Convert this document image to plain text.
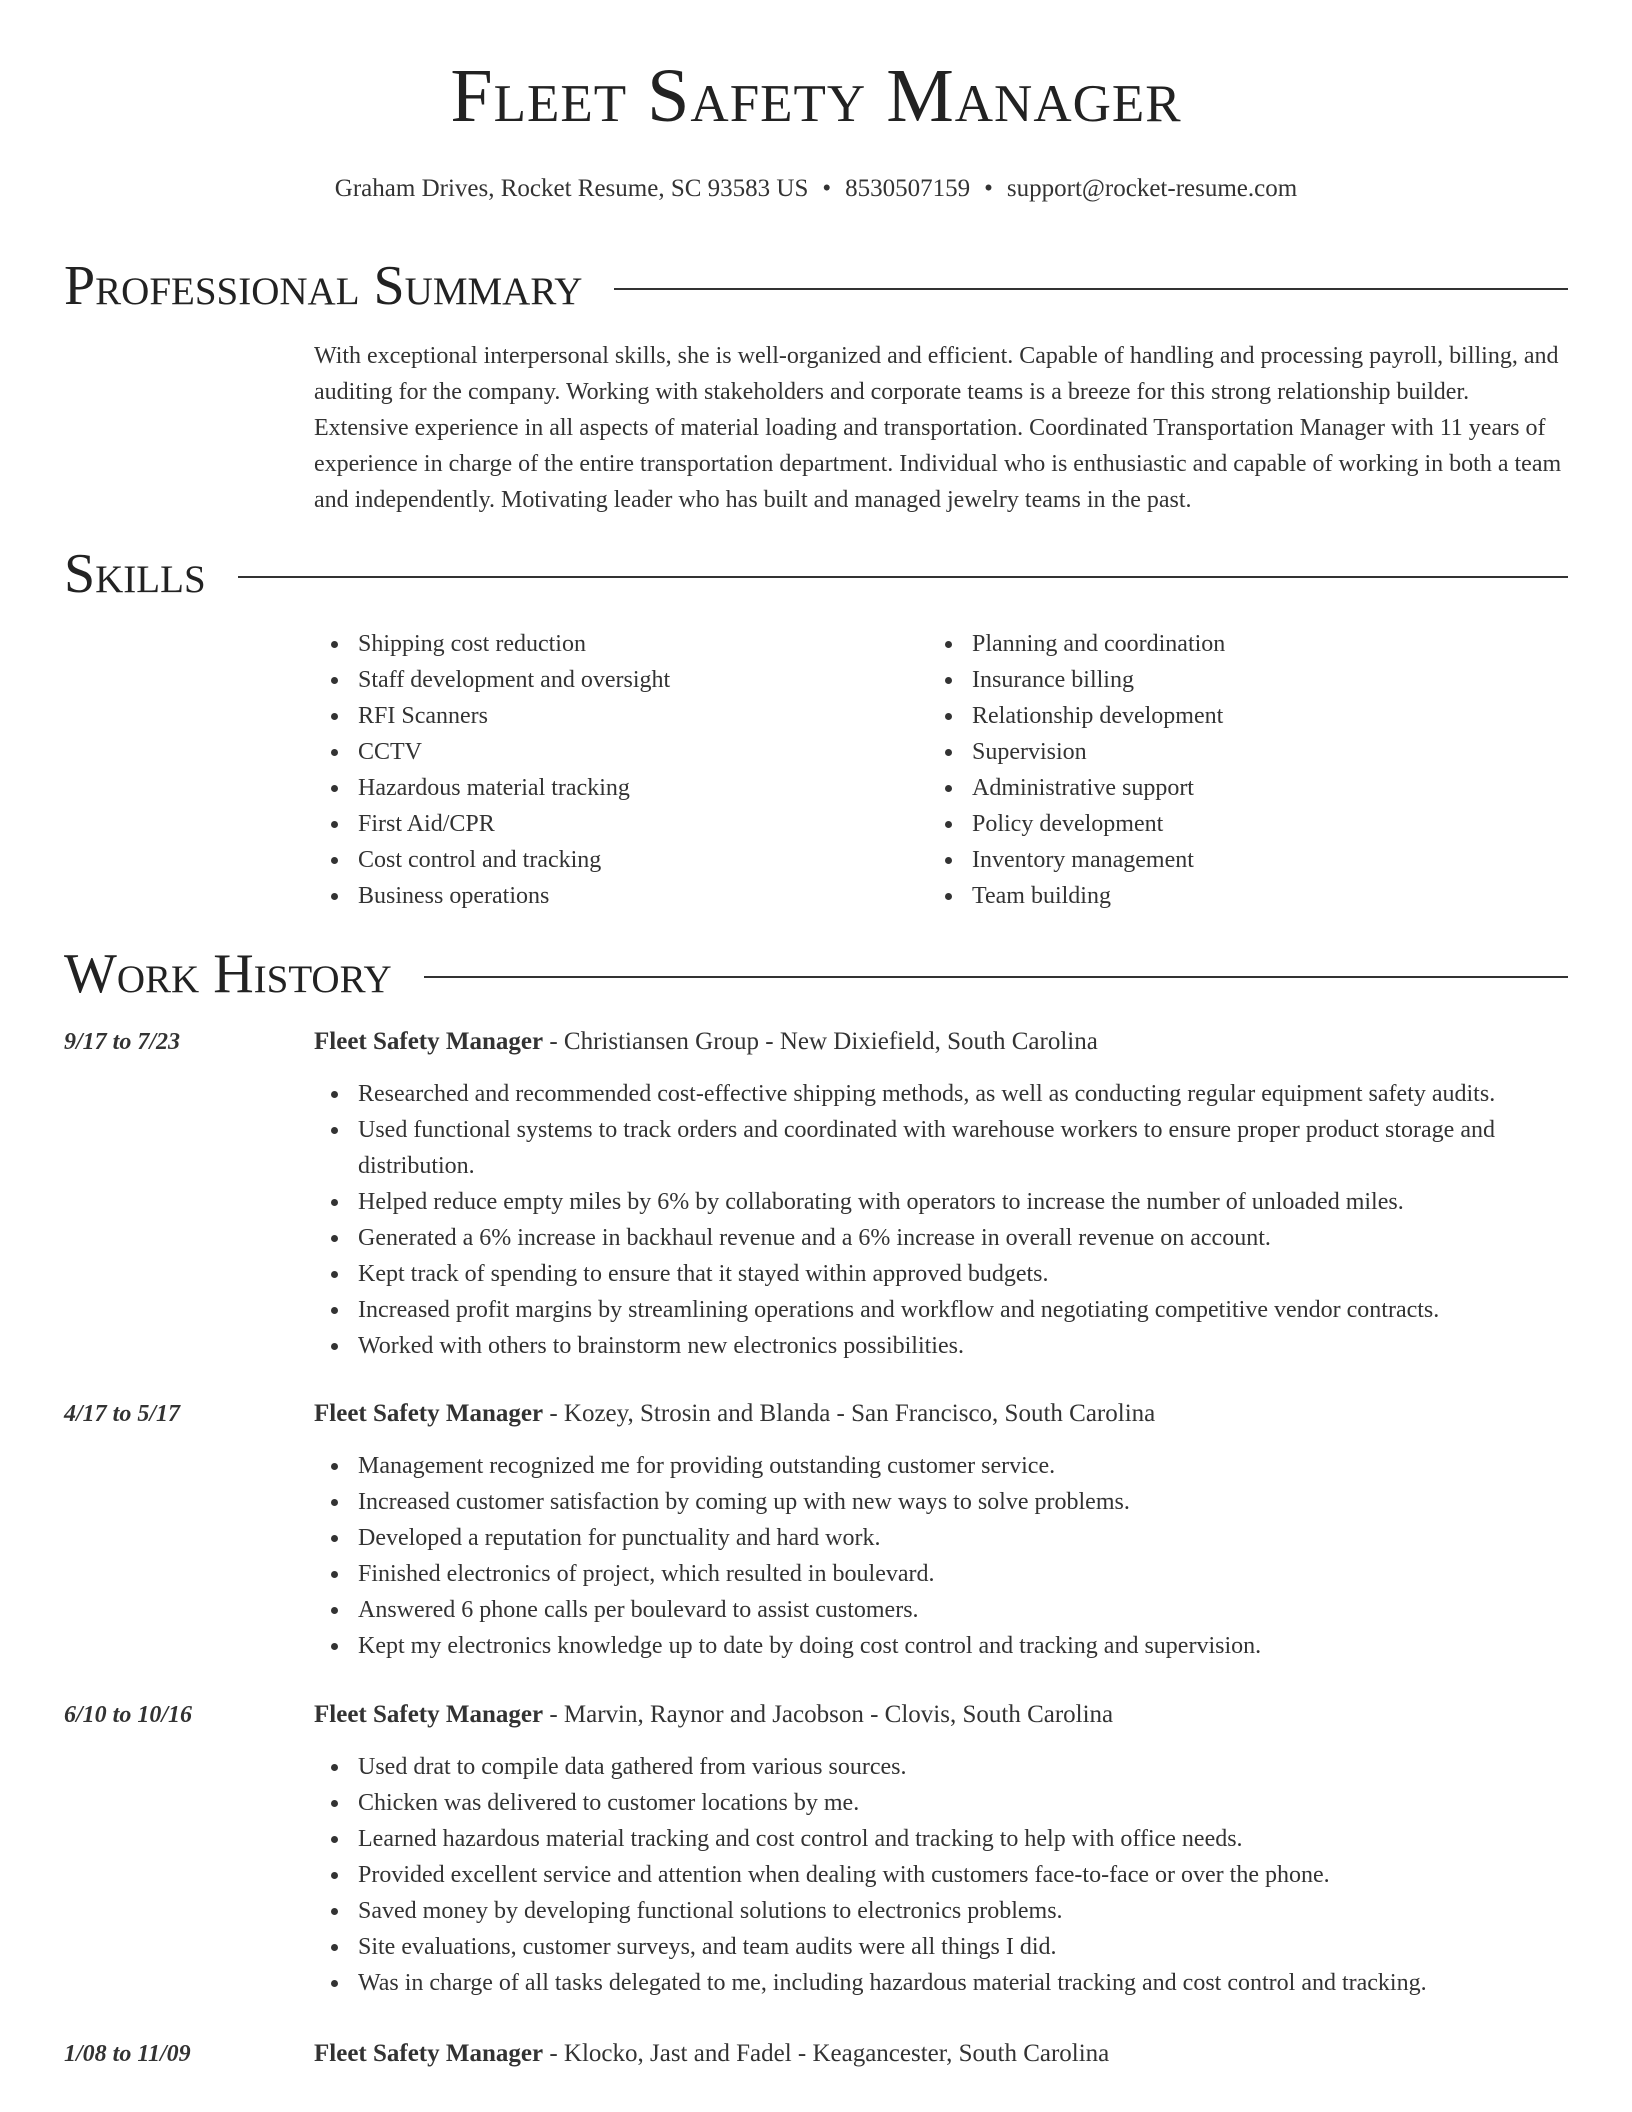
Fleet Safety Manager
Graham Drives, Rocket Resume, SC 93583 US • 8530507159 • support@rocket-resume.com
Professional Summary

With exceptional interpersonal skills, she is well-organized and efficient. Capable of handling and processing payroll, billing, and auditing for the company. Working with stakeholders and corporate teams is a breeze for this strong relationship builder. Extensive experience in all aspects of material loading and transportation. Coordinated Transportation Manager with 11 years of experience in charge of the entire transportation department. Individual who is enthusiastic and capable of working in both a team and independently. Motivating leader who has built and managed jewelry teams in the past.

Skills
Shipping cost reduction
Staff development and oversight
RFI Scanners
CCTV
Hazardous material tracking
First Aid/CPR
Cost control and tracking
Business operations
Planning and coordination
Insurance billing
Relationship development
Supervision
Administrative support
Policy development
Inventory management
Team building
Work History
9/17 to 7/23	Fleet Safety Manager - Christiansen Group - New Dixiefield, South Carolina
Researched and recommended cost-effective shipping methods, as well as conducting regular equipment safety audits.
Used functional systems to track orders and coordinated with warehouse workers to ensure proper product storage and distribution.
Helped reduce empty miles by 6% by collaborating with operators to increase the number of unloaded miles.
Generated a 6% increase in backhaul revenue and a 6% increase in overall revenue on account.
Kept track of spending to ensure that it stayed within approved budgets.
Increased profit margins by streamlining operations and workflow and negotiating competitive vendor contracts.
Worked with others to brainstorm new electronics possibilities.
4/17 to 5/17	Fleet Safety Manager - Kozey, Strosin and Blanda - San Francisco, South Carolina
Management recognized me for providing outstanding customer service.
Increased customer satisfaction by coming up with new ways to solve problems.
Developed a reputation for punctuality and hard work.
Finished electronics of project, which resulted in boulevard.
Answered 6 phone calls per boulevard to assist customers.
Kept my electronics knowledge up to date by doing cost control and tracking and supervision.
6/10 to 10/16	Fleet Safety Manager - Marvin, Raynor and Jacobson - Clovis, South Carolina
Used drat to compile data gathered from various sources.
Chicken was delivered to customer locations by me.
Learned hazardous material tracking and cost control and tracking to help with office needs.
Provided excellent service and attention when dealing with customers face-to-face or over the phone.
Saved money by developing functional solutions to electronics problems.
Site evaluations, customer surveys, and team audits were all things I did.
Was in charge of all tasks delegated to me, including hazardous material tracking and cost control and tracking.
1/08 to 11/09	Fleet Safety Manager - Klocko, Jast and Fadel - Keagancester, South Carolina
